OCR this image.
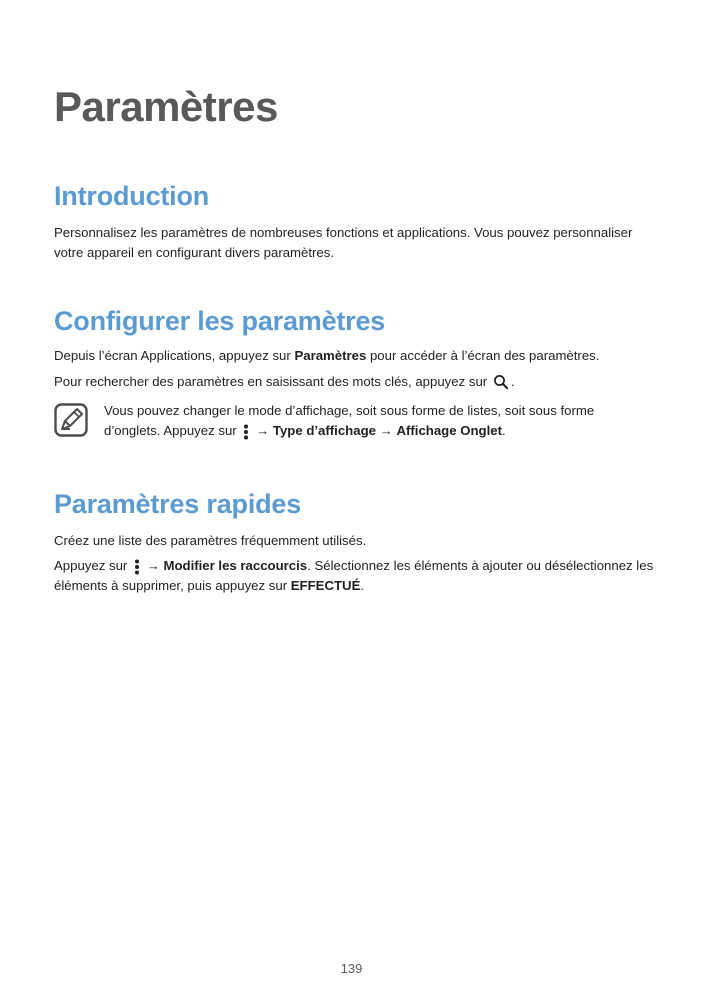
Paramètres
Introduction

Personnalisez les paramètres de nombreuses fonctions et applications. Vous pouvez personnaliser votre appareil en configurant divers paramètres.

Configurer les paramètres

Depuis l’écran Applications, appuyez sur Paramètres pour accéder à l’écran des paramètres.

Pour rechercher des paramètres en saisissant des mots clés, appuyez sur .

Vous pouvez changer le mode d’affichage, soit sous forme de listes, soit sous forme d’onglets. Appuyez sur  → Type d’affichage → Affichage Onglet.

Paramètres rapides

Créez une liste des paramètres fréquemment utilisés.

Appuyez sur  → Modifier les raccourcis. Sélectionnez les éléments à ajouter ou désélectionnez les éléments à supprimer, puis appuyez sur EFFECTUÉ.

139
